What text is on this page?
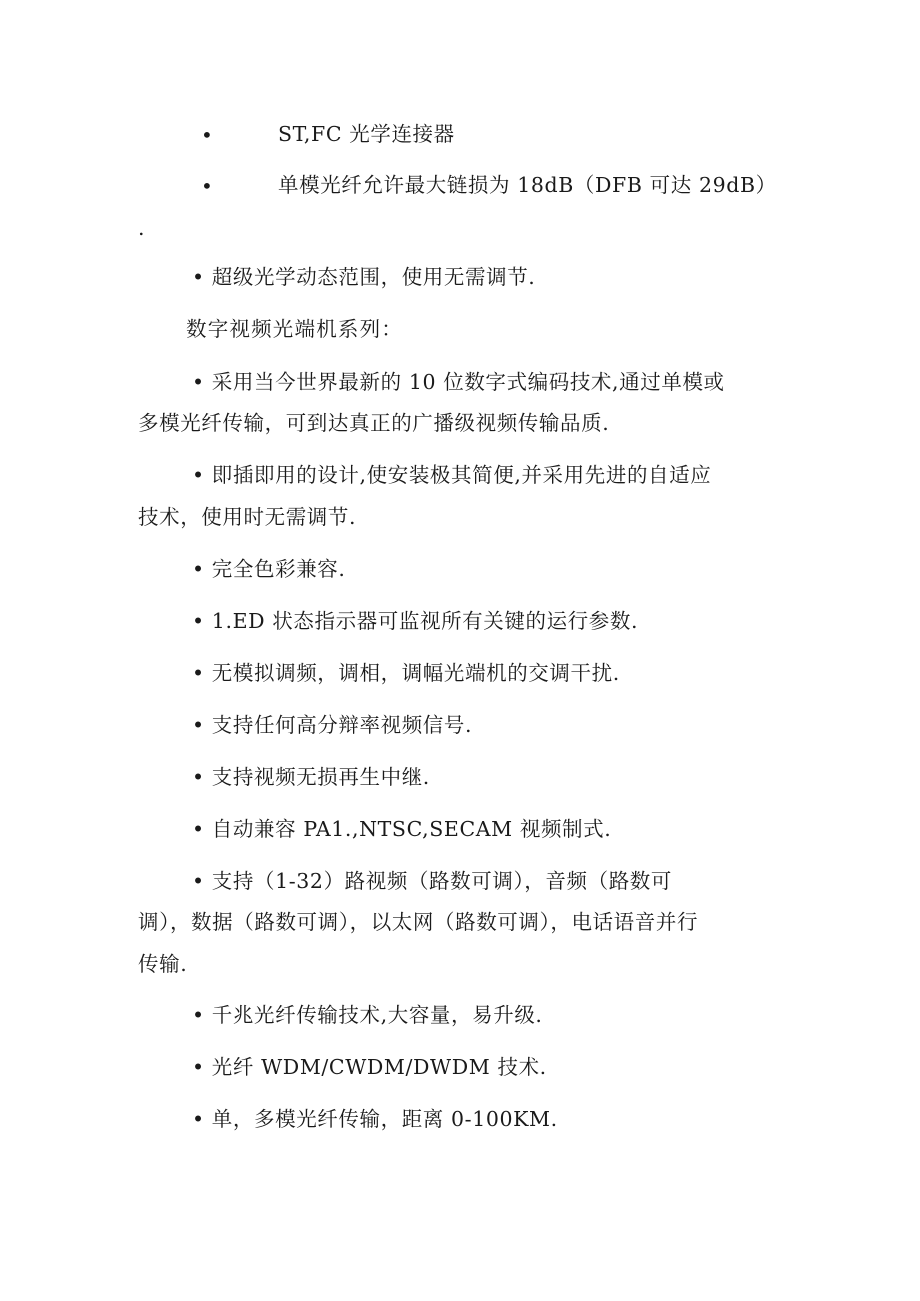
•	ST,FC 光学连接器
•	单模光纤允许最大链损为 18dB（DFB 可达 29dB）
.
• 超级光学动态范围，使用无需调节.
数字视频光端机系列：
• 采用当今世界最新的 10 位数字式编码技术,通过单模或
多模光纤传输，可到达真正的广播级视频传输品质.
• 即插即用的设计,使安装极其简便,并采用先进的自适应
技术，使用时无需调节.
• 完全色彩兼容.
• 1.ED 状态指示器可监视所有关键的运行参数.
• 无模拟调频，调相，调幅光端机的交调干扰.
• 支持任何高分辩率视频信号.
• 支持视频无损再生中继.
• 自动兼容 PA1.,NTSC,SECAM 视频制式.
• 支持（1-32）路视频（路数可调），音频（路数可
调），数据（路数可调），以太网（路数可调），电话语音并行
传输.
• 千兆光纤传输技术,大容量，易升级.
• 光纤 WDM/CWDM/DWDM 技术.
• 单，多模光纤传输，距离 0-100KM.
